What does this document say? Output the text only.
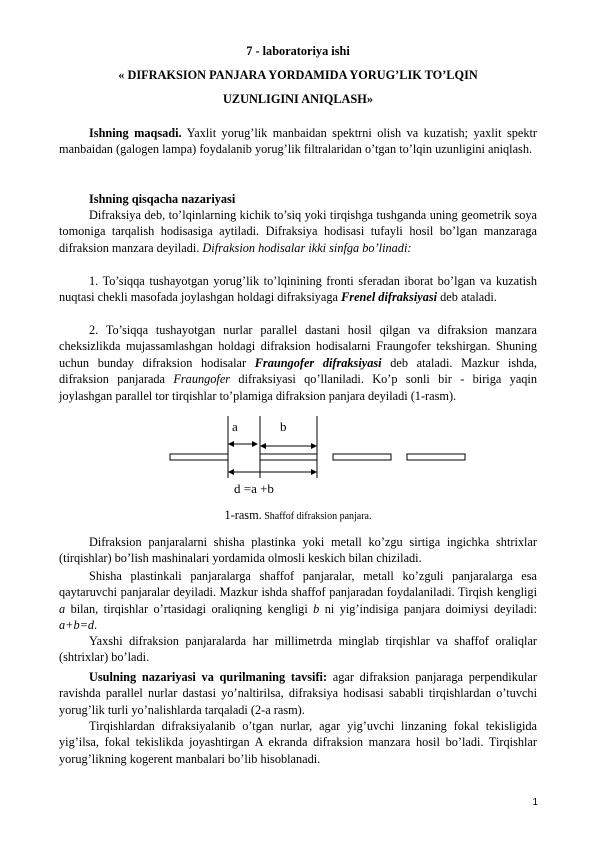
7 - laboratoriya ishi
« DIFRAKSION PANJARA YORDAMIDA YORUG’LIK TO’LQIN
UZUNLIGINI ANIQLASH»

Ishning maqsadi. Yaxlit yorug’lik manbaidan spektrni olish va kuzatish; yaxlit spektr manbaidan (galogen lampa) foydalanib yorug’lik filtralaridan o’tgan to’lqin uzunligini aniqlash.

Ishning qisqacha nazariyasi

Difraksiya deb, to’lqinlarning kichik to’siq yoki tirqishga tushganda uning geometrik soya tomoniga tarqalish hodisasiga aytiladi. Difraksiya hodisasi tufayli hosil bo’lgan manzaraga difraksion manzara deyiladi. Difraksion hodisalar ikki sinfga bo’linadi:

1. To’siqqa tushayotgan yorug’lik to’lqinining fronti sferadan iborat bo’lgan va kuzatish nuqtasi chekli masofada joylashgan holdagi difraksiyaga Frenel difraksiyasi deb ataladi.

2. To’siqqa tushayotgan nurlar parallel dastani hosil qilgan va difraksion manzara cheksizlikda mujassamlashgan holdagi difraksion hodisalarni Fraungofer tekshirgan. Shuning uchun bunday difraksion hodisalar Fraungofer difraksiyasi deb ataladi. Mazkur ishda, difraksion panjarada Fraungofer difraksiyasi qo’llaniladi. Ko’p sonli bir - biriga yaqin joylashgan parallel tor tirqishlar to’plamiga difraksion panjara deyiladi (1-rasm).

a	b
d =a +b
1-rasm. Shaffof difraksion panjara.

Difraksion panjaralarni shisha plastinka yoki metall ko’zgu sirtiga ingichka shtrixlar (tirqishlar) bo’lish mashinalari yordamida olmosli keskich bilan chiziladi.

Shisha plastinkali panjaralarga shaffof panjaralar, metall ko’zguli panjaralarga esa qaytaruvchi panjaralar deyiladi. Mazkur ishda shaffof panjaradan foydalaniladi. Tirqish kengligi a bilan, tirqishlar o’rtasidagi oraliqning kengligi b ni yig’indisiga panjara doimiysi deyiladi: a+b=d.

Yaxshi difraksion panjaralarda har millimetrda minglab tirqishlar va shaffof oraliqlar (shtrixlar) bo’ladi.

Usulning nazariyasi va qurilmaning tavsifi: agar difraksion panjaraga perpendikular ravishda parallel nurlar dastasi yo’naltirilsa, difraksiya hodisasi sababli tirqishlardan o’tuvchi yorug’lik turli yo’nalishlarda tarqaladi (2-a rasm).

Tirqishlardan difraksiyalanib o’tgan nurlar, agar yig’uvchi linzaning fokal tekisligida yig’ilsa, fokal tekislikda joyashtirgan A ekranda difraksion manzara hosil bo’ladi. Tirqishlar yorug’likning kogerent manbalari bo’lib hisoblanadi.

1
